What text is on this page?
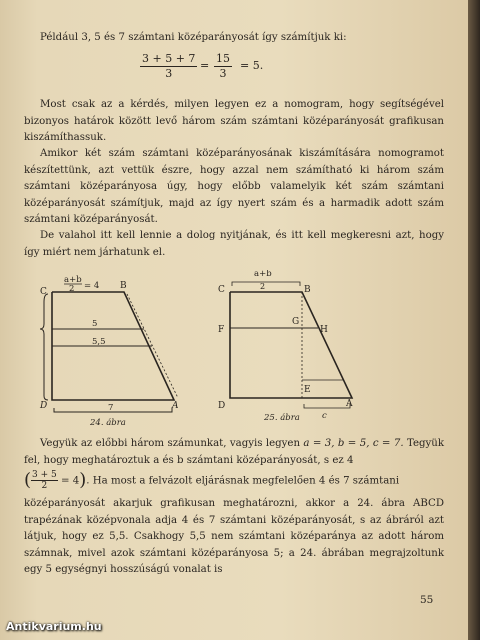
Például 3, 5 és 7 számtani középarányosát így számítjuk ki:

$\frac{3 + 5 + 7}{3} = \frac{15}{3} = 5$.

Most csak az a kérdés, milyen legyen ez a nomogram, hogy segítségével bizonyos határok között levő három szám számtani középarányosát grafikusan kiszámíthassuk.

Amikor két szám számtani középarányosának kiszámítására nomogramot készítettünk, azt vettük észre, hogy azzal nem számítható ki három szám számtani középarányosa úgy, hogy előbb valamelyik két szám számtani középarányosát számítjuk, majd az így nyert szám és a harmadik adott szám számtani középarányosát.

De valahol itt kell lennie a dolog nyitjának, és itt kell megkeresni azt, hogy így miért nem járhatunk el.

a+b
2 = 4
C
B
D	A
5
5,5
7
24. ábra
a+b
2
C	B
F
G
H
E
D	A
c
25. ábra

Vegyük az előbbi három számunkat, vagyis legyen a = 3, b = 5, c = 7. Tegyük fel, hogy meghatároztuk a és b számtani középarányosát, s ez 4

( $\frac{3 + 5}{2} = 4$). Ha most a felvázolt eljárásnak megfelelően 4 és 7 számtani

középarányosát akarjuk grafikusan meghatározni, akkor a 24. ábra ABCD trapézának középvonala adja 4 és 7 számtani középarányosát, s az ábráról azt látjuk, hogy ez 5,5. Csakhogy 5,5 nem számtani középaránya az adott három számnak, mivel azok számtani középarányosa 5; a 24. ábrában megrajzoltunk egy 5 egységnyi hosszúságú vonalat is

55
Antikvarium.hu
